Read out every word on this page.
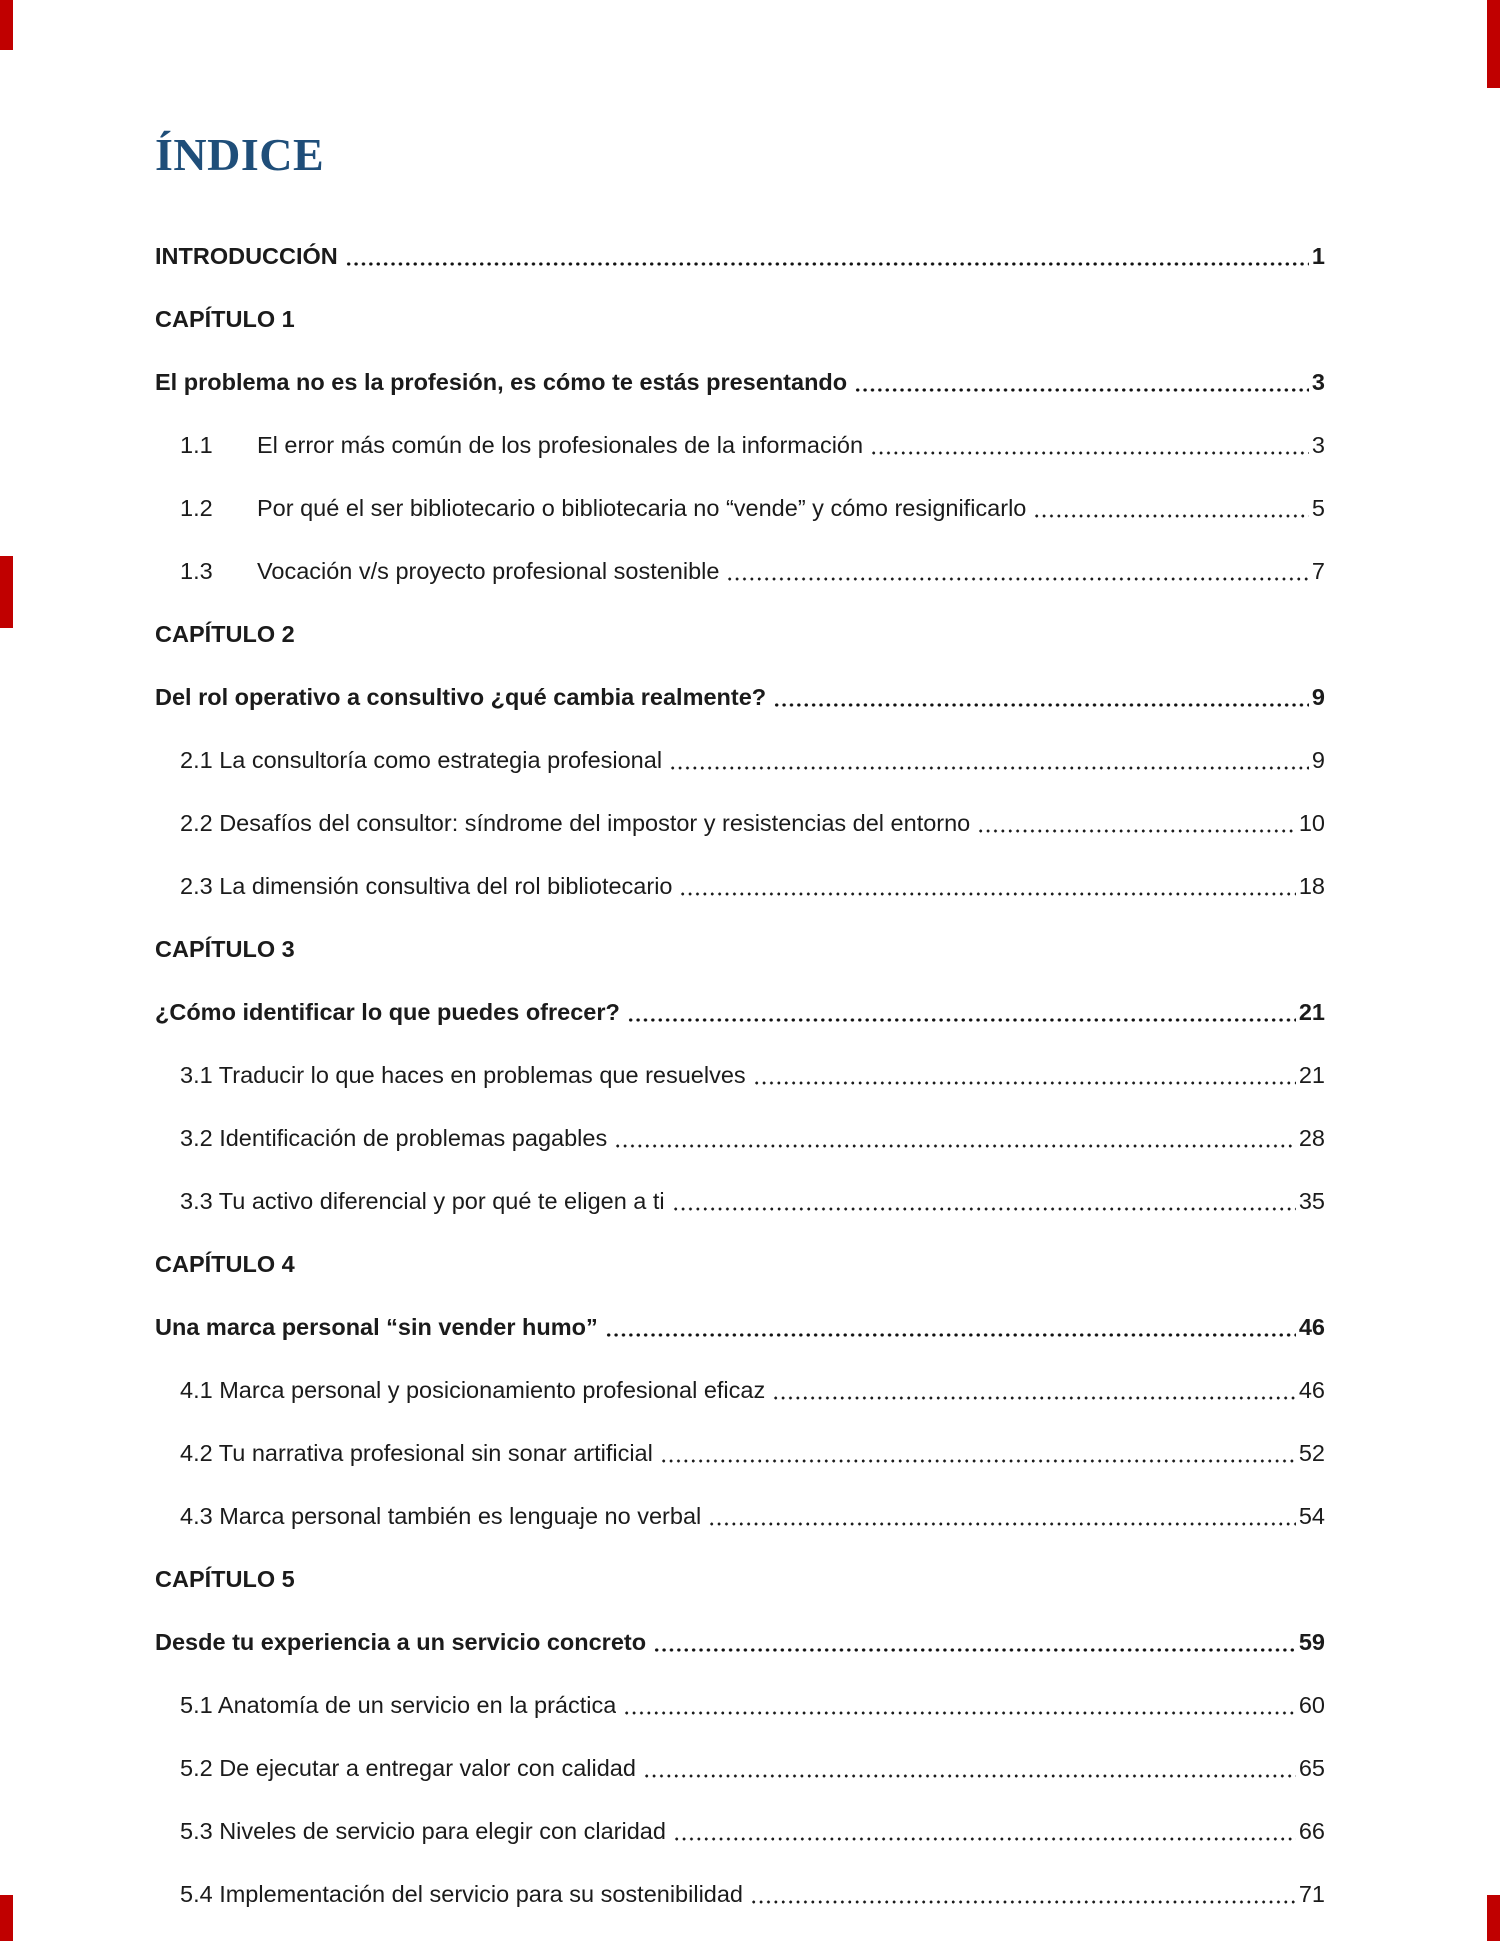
ÍNDICE
INTRODUCCIÓN	1
CAPÍTULO 1
El problema no es la profesión, es cómo te estás presentando	3
1.1	El error más común de los profesionales de la información	3
1.2	Por qué el ser bibliotecario o bibliotecaria no “vende” y cómo resignificarlo	5
1.3	Vocación v/s proyecto profesional sostenible	7
CAPÍTULO 2
Del rol operativo a consultivo ¿qué cambia realmente?	9
2.1 La consultoría como estrategia profesional	9
2.2 Desafíos del consultor: síndrome del impostor y resistencias del entorno	10
2.3 La dimensión consultiva del rol bibliotecario	18
CAPÍTULO 3
¿Cómo identificar lo que puedes ofrecer?	21
3.1 Traducir lo que haces en problemas que resuelves	21
3.2 Identificación de problemas pagables	28
3.3 Tu activo diferencial y por qué te eligen a ti	35
CAPÍTULO 4
Una marca personal “sin vender humo”	46
4.1 Marca personal y posicionamiento profesional eficaz	46
4.2 Tu narrativa profesional sin sonar artificial	52
4.3 Marca personal también es lenguaje no verbal	54
CAPÍTULO 5
Desde tu experiencia a un servicio concreto	59
5.1 Anatomía de un servicio en la práctica	60
5.2 De ejecutar a entregar valor con calidad	65
5.3 Niveles de servicio para elegir con claridad	66
5.4 Implementación del servicio para su sostenibilidad	71
